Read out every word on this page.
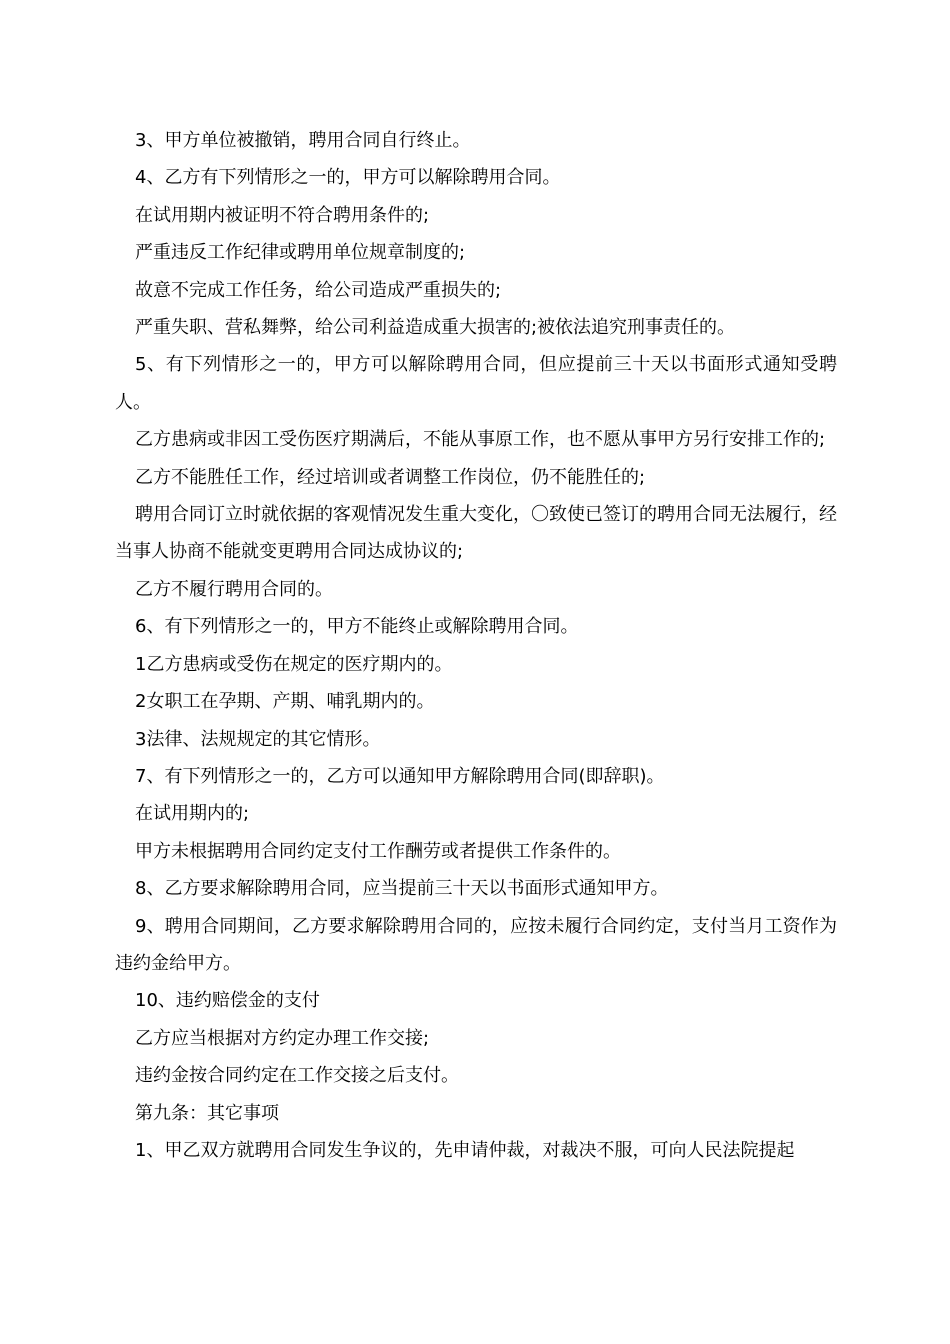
3、甲方单位被撤销，聘用合同自行终止。

4、乙方有下列情形之一的，甲方可以解除聘用合同。

在试用期内被证明不符合聘用条件的;

严重违反工作纪律或聘用单位规章制度的;

故意不完成工作任务，给公司造成严重损失的;

严重失职、营私舞弊，给公司利益造成重大损害的;被依法追究刑事责任的。

5、有下列情形之一的，甲方可以解除聘用合同，但应提前三十天以书面形式通知受聘人。

乙方患病或非因工受伤医疗期满后，不能从事原工作，也不愿从事甲方另行安排工作的;

乙方不能胜任工作，经过培训或者调整工作岗位，仍不能胜任的;

聘用合同订立时就依据的客观情况发生重大变化，〇致使已签订的聘用合同无法履行，经当事人协商不能就变更聘用合同达成协议的;

乙方不履行聘用合同的。

6、有下列情形之一的，甲方不能终止或解除聘用合同。

1乙方患病或受伤在规定的医疗期内的。

2女职工在孕期、产期、哺乳期内的。

3法律、法规规定的其它情形。

7、有下列情形之一的，乙方可以通知甲方解除聘用合同(即辞职)。

在试用期内的;

甲方未根据聘用合同约定支付工作酬劳或者提供工作条件的。

8、乙方要求解除聘用合同，应当提前三十天以书面形式通知甲方。

9、聘用合同期间，乙方要求解除聘用合同的，应按未履行合同约定，支付当月工资作为违约金给甲方。

10、违约赔偿金的支付

乙方应当根据对方约定办理工作交接;

违约金按合同约定在工作交接之后支付。

第九条：其它事项

1、甲乙双方就聘用合同发生争议的，先申请仲裁，对裁决不服，可向人民法院提起
